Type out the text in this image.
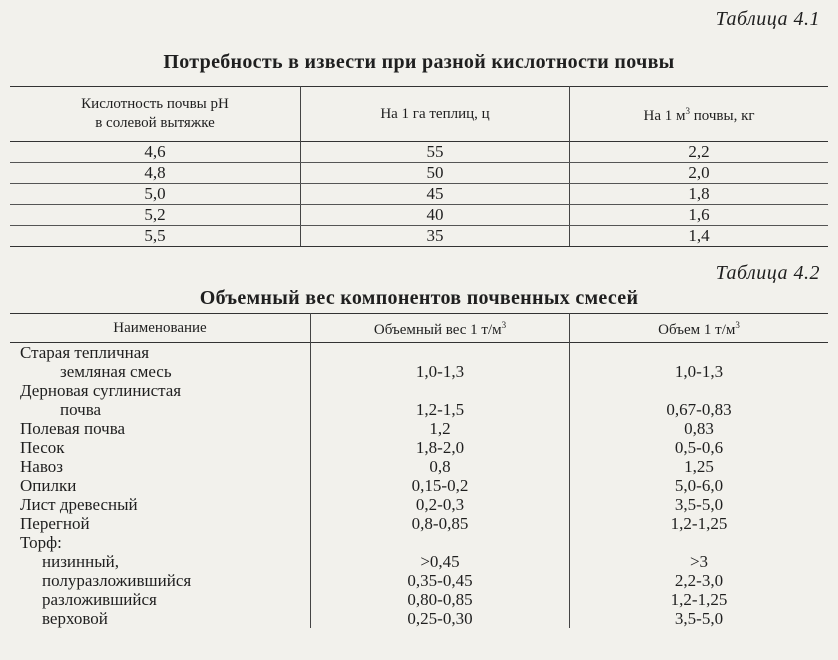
Таблица 4.1
Потребность в извести при разной кислотности почвы
Кислотность почвы pH
в солевой вытяжке	На 1 га теплиц, ц	На 1 $м^3$ почвы, кг
4,6	55	2,2
4,8	50	2,0
5,0	45	1,8
5,2	40	1,6
5,5	35	1,4
Таблица 4.2
Объемный вес компонентов почвенных смесей
Наименование	Объемный вес 1 $т/м^3$	Объем 1 $т/м^3$

Старая тепличная
земляная смесь	1,0-1,3	1,0-1,3

Дерновая суглинистая
почва	1,2-1,5	0,67-0,83

Полевая почва	1,2	0,83

Песок	1,8-2,0	0,5-0,6

Навоз	0,8	1,25

Опилки	0,15-0,2	5,0-6,0

Лист древесный	0,2-0,3	3,5-5,0

Перегной	0,8-0,85	1,2-1,25

Торф:		

низинный,	>0,45	>3

полуразложившийся	0,35-0,45	2,2-3,0

разложившийся	0,80-0,85	1,2-1,25

верховой	0,25-0,30	3,5-5,0
